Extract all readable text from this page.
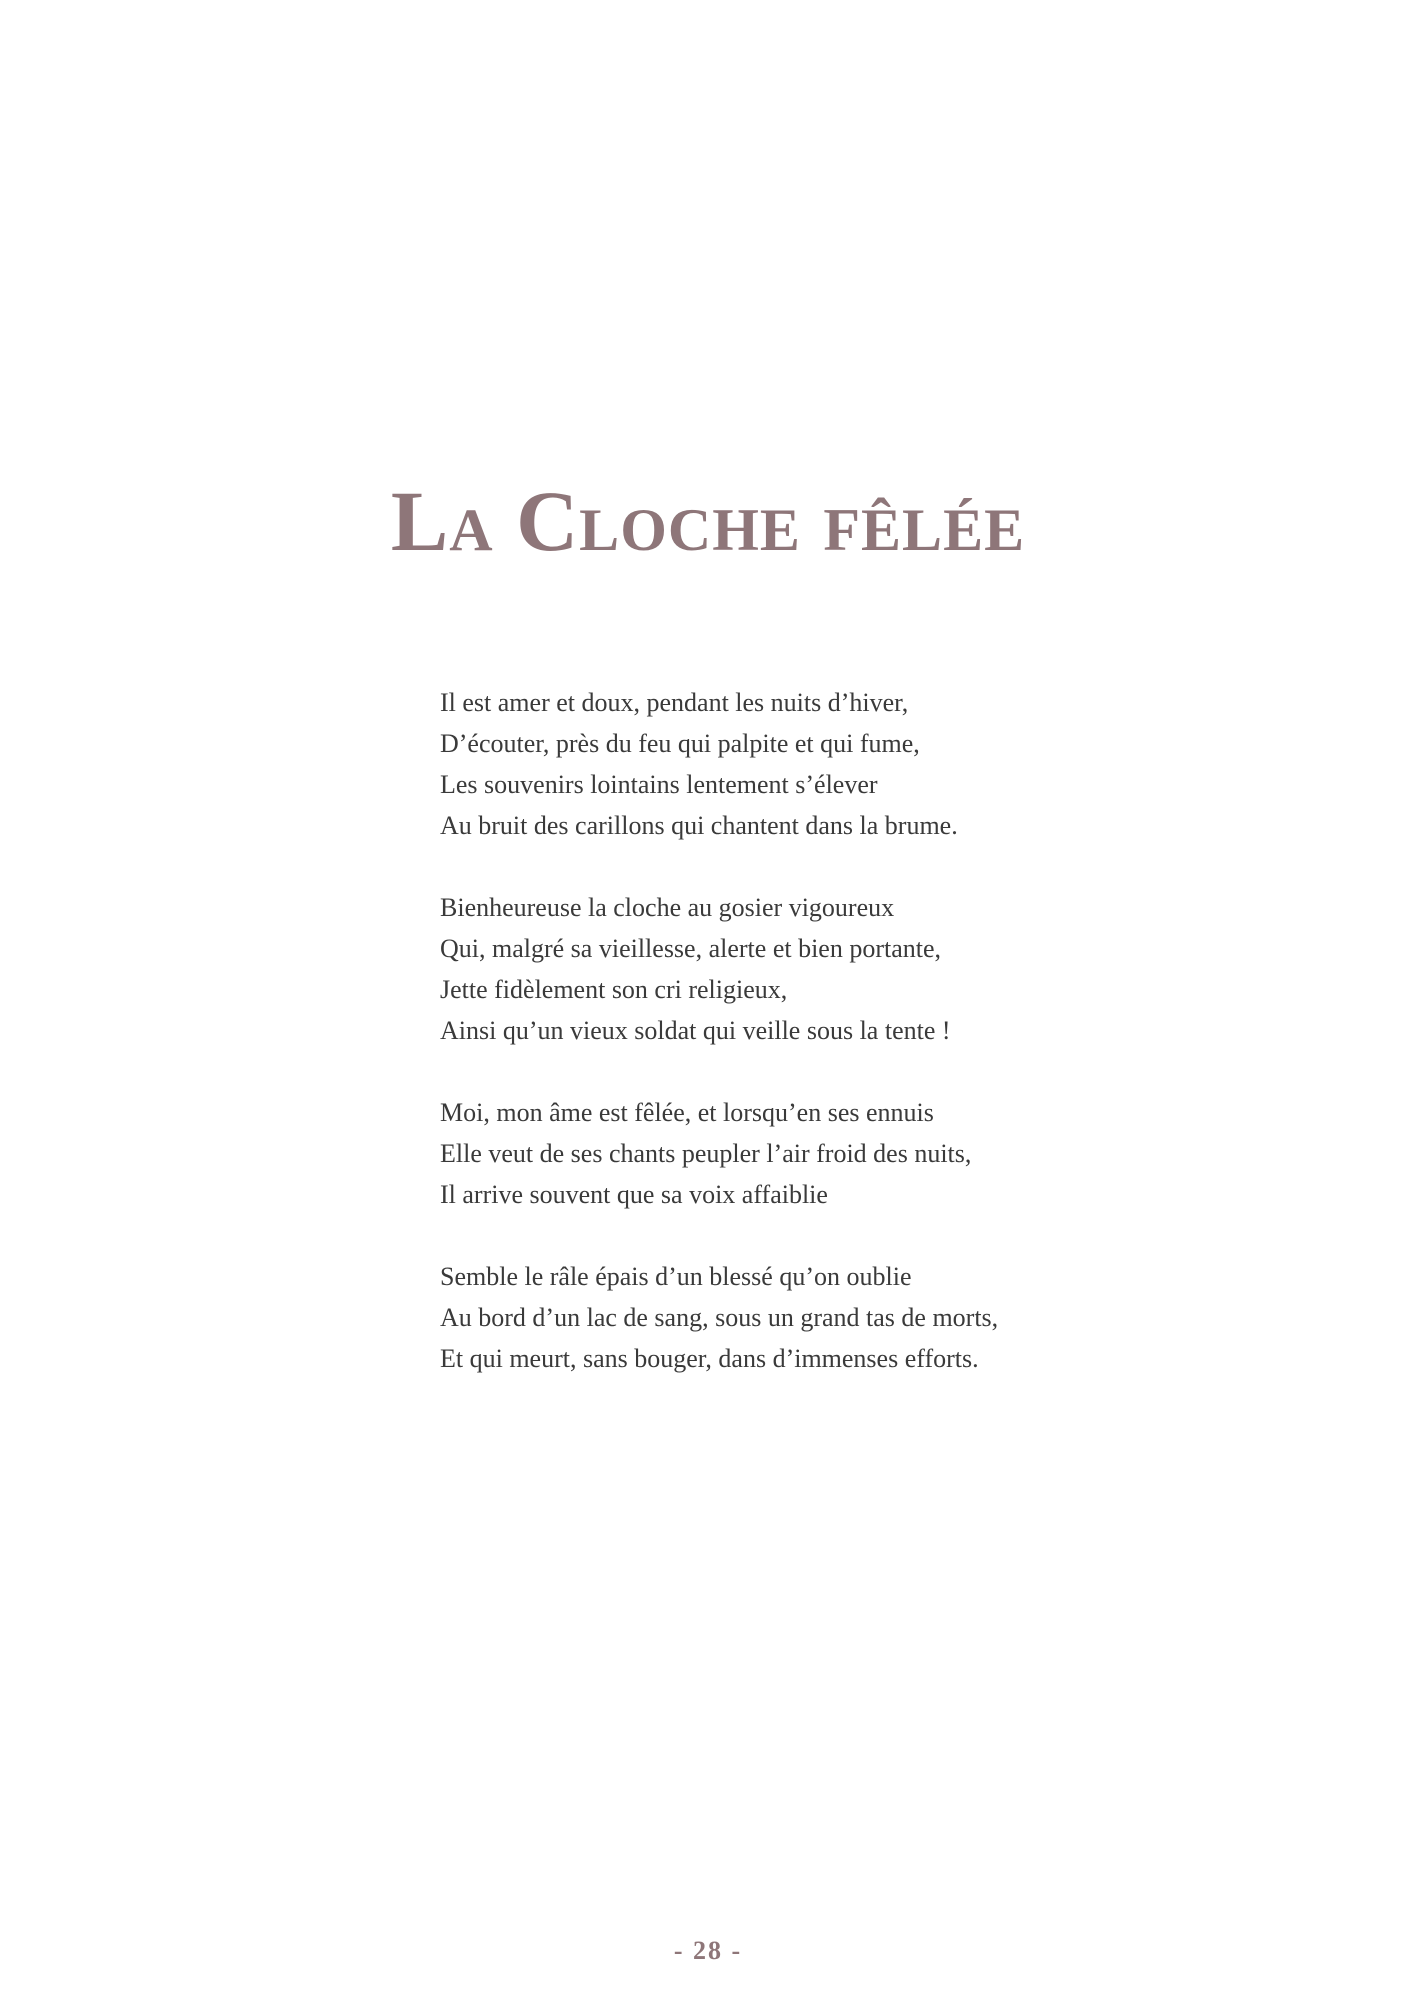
La Cloche fêlée
Il est amer et doux, pendant les nuits d’hiver,
D’écouter, près du feu qui palpite et qui fume,
Les souvenirs lointains lentement s’élever
Au bruit des carillons qui chantent dans la brume.
Bienheureuse la cloche au gosier vigoureux
Qui, malgré sa vieillesse, alerte et bien portante,
Jette fidèlement son cri religieux,
Ainsi qu’un vieux soldat qui veille sous la tente !
Moi, mon âme est fêlée, et lorsqu’en ses ennuis
Elle veut de ses chants peupler l’air froid des nuits,
Il arrive souvent que sa voix affaiblie
Semble le râle épais d’un blessé qu’on oublie
Au bord d’un lac de sang, sous un grand tas de morts,
Et qui meurt, sans bouger, dans d’immenses efforts.
- 28 -
